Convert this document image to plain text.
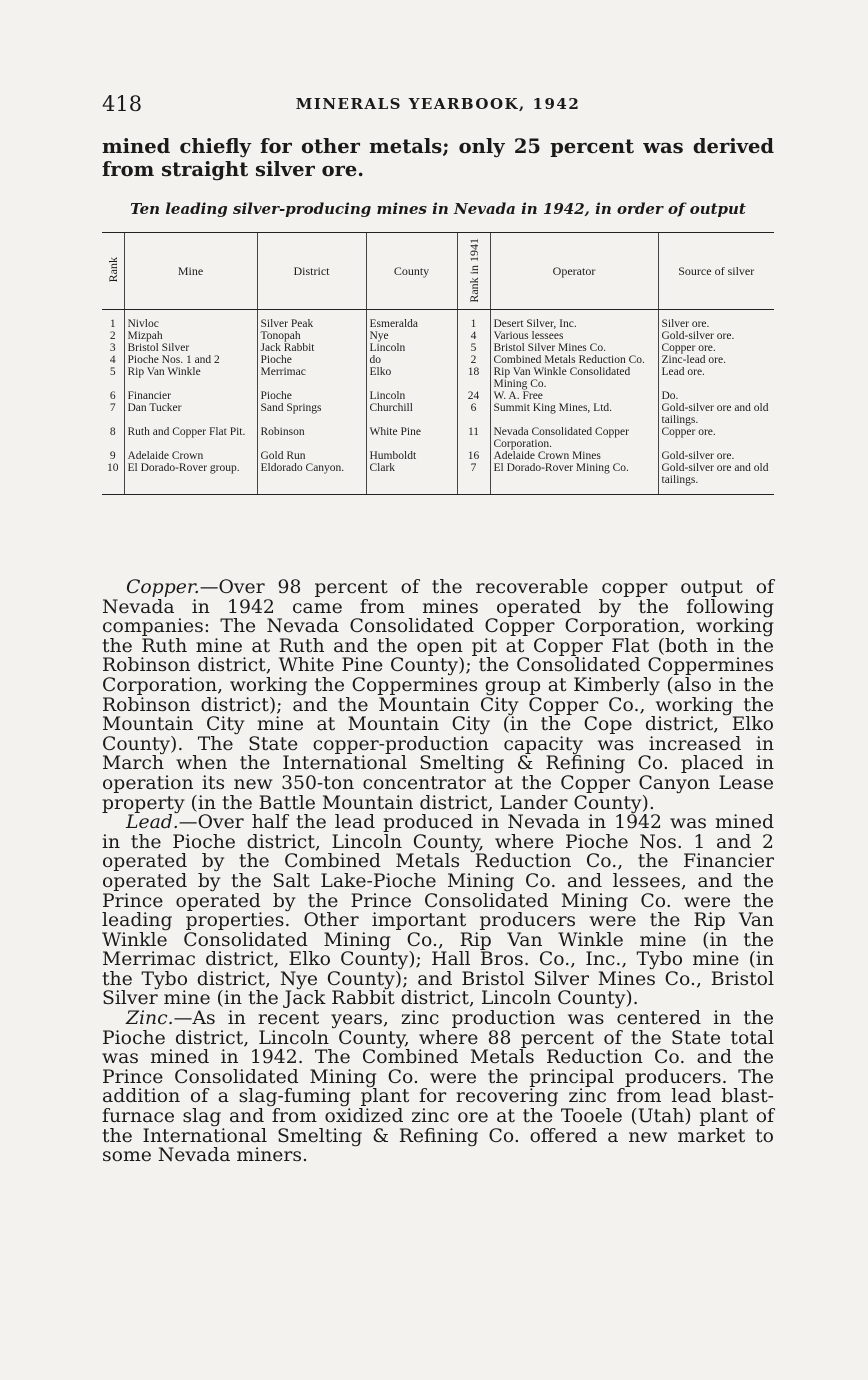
418	MINERALS YEARBOOK, 1942
mined chiefly for other metals; only 25 percent was derived from straight silver ore.
Ten leading silver-producing mines in Nevada in 1942, in order of output
Rank	Mine	District	County	Rank in 1941	Operator	Source of silver
1	Nivloc	Silver Peak	Esmeralda	1	Desert Silver, Inc.	Silver ore.
2	Mizpah	Tonopah	Nye	4	Various lessees	Gold-silver ore.
3	Bristol Silver	Jack Rabbit	Lincoln	5	Bristol Silver Mines Co.	Copper ore.
4	Pioche Nos. 1 and 2	Pioche	do	2	Combined Metals Reduction Co.	Zinc-lead ore.
5	Rip Van Winkle	Merrimac	Elko	18	Rip Van Winkle Consolidated Mining Co.	Lead ore.
6	Financier	Pioche	Lincoln	24	W. A. Free	Do.
7	Dan Tucker	Sand Springs	Churchill	6	Summit King Mines, Ltd.	Gold-silver ore and old tailings.
8	Ruth and Copper Flat Pit.	Robinson	White Pine	11	Nevada Consolidated Copper Corporation.	Copper ore.
9	Adelaide Crown	Gold Run	Humboldt	16	Adelaide Crown Mines	Gold-silver ore.
10	El Dorado-Rover group.	Eldorado Canyon.	Clark	7	El Dorado-Rover Mining Co.	Gold-silver ore and old tailings.

Copper.—Over 98 percent of the recoverable copper output of Nevada in 1942 came from mines operated by the following companies: The Nevada Consolidated Copper Corporation, working the Ruth mine at Ruth and the open pit at Copper Flat (both in the Robinson district, White Pine County); the Consolidated Coppermines Corporation, working the Coppermines group at Kimberly (also in the Robinson district); and the Mountain City Copper Co., working the Mountain City mine at Mountain City (in the Cope district, Elko County). The State copper-production capacity was increased in March when the International Smelting & Refining Co. placed in operation its new 350-ton concentrator at the Copper Canyon Lease property (in the Battle Mountain district, Lander County).

Lead.—Over half the lead produced in Nevada in 1942 was mined in the Pioche district, Lincoln County, where Pioche Nos. 1 and 2 operated by the Combined Metals Reduction Co., the Financier operated by the Salt Lake-Pioche Mining Co. and lessees, and the Prince operated by the Prince Consolidated Mining Co. were the leading properties. Other important producers were the Rip Van Winkle Consolidated Mining Co., Rip Van Winkle mine (in the Merrimac district, Elko County); Hall Bros. Co., Inc., Tybo mine (in the Tybo district, Nye County); and Bristol Silver Mines Co., Bristol Silver mine (in the Jack Rabbit district, Lincoln County).

Zinc.—As in recent years, zinc production was centered in the Pioche district, Lincoln County, where 88 percent of the State total was mined in 1942. The Combined Metals Reduction Co. and the Prince Consolidated Mining Co. were the principal producers. The addition of a slag-fuming plant for recovering zinc from lead blast-furnace slag and from oxidized zinc ore at the Tooele (Utah) plant of the International Smelting & Refining Co. offered a new market to some Nevada miners.
